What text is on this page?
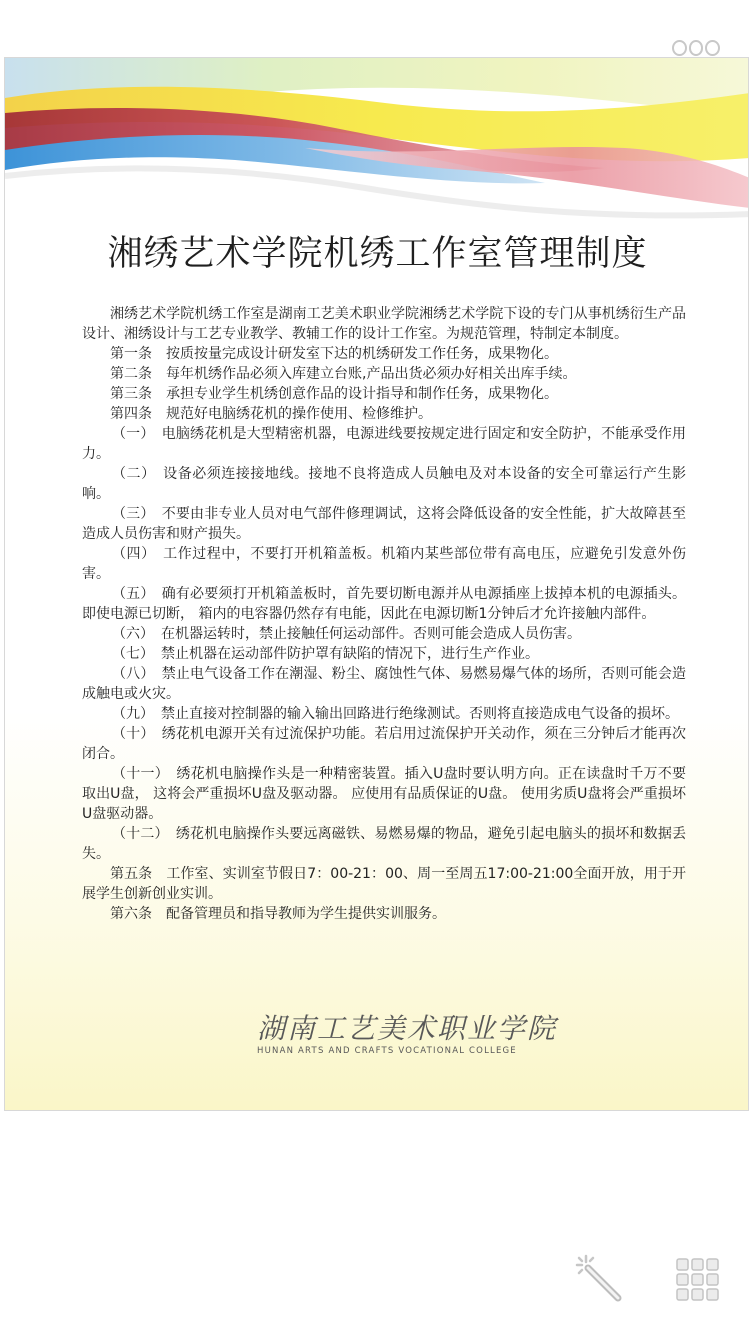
湘绣艺术学院机绣工作室管理制度

湘绣艺术学院机绣工作室是湖南工艺美术职业学院湘绣艺术学院下设的专门从事机绣衍生产品设计、湘绣设计与工艺专业教学、教辅工作的设计工作室。为规范管理，特制定本制度。

第一条　按质按量完成设计研发室下达的机绣研发工作任务，成果物化。

第二条　每年机绣作品必须入库建立台账,产品出货必须办好相关出库手续。

第三条　承担专业学生机绣创意作品的设计指导和制作任务，成果物化。

第四条　规范好电脑绣花机的操作使用、检修维护。

（一）　电脑绣花机是大型精密机器，电源进线要按规定进行固定和安全防护，不能承受作用力。

（二）　设备必须连接接地线。接地不良将造成人员触电及对本设备的安全可靠运行产生影响。

（三）　不要由非专业人员对电气部件修理调试，这将会降低设备的安全性能，扩大故障甚至造成人员伤害和财产损失。

（四）　工作过程中，不要打开机箱盖板。机箱内某些部位带有高电压，应避免引发意外伤害。

（五）　确有必要须打开机箱盖板时，首先要切断电源并从电源插座上拔掉本机的电源插头。即使电源已切断， 箱内的电容器仍然存有电能，因此在电源切断1分钟后才允许接触内部件。

（六）　在机器运转时，禁止接触任何运动部件。否则可能会造成人员伤害。

（七）　禁止机器在运动部件防护罩有缺陷的情况下，进行生产作业。

（八）　禁止电气设备工作在潮湿、粉尘、腐蚀性气体、易燃易爆气体的场所，否则可能会造成触电或火灾。

（九）　禁止直接对控制器的输入输出回路进行绝缘测试。否则将直接造成电气设备的损坏。

（十）　绣花机电源开关有过流保护功能。若启用过流保护开关动作，须在三分钟后才能再次闭合。

（十一）　绣花机电脑操作头是一种精密装置。插入U盘时要认明方向。正在读盘时千万不要取出U盘， 这将会严重损坏U盘及驱动器。 应使用有品质保证的U盘。 使用劣质U盘将会严重损坏U盘驱动器。

（十二）　绣花机电脑操作头要远离磁铁、易燃易爆的物品，避免引起电脑头的损坏和数据丢失。

第五条　工作室、实训室节假日7：00-21：00、周一至周五17:00-21:00全面开放，用于开展学生创新创业实训。

第六条　配备管理员和指导教师为学生提供实训服务。

湖南工艺美术职业学院
HUNAN ARTS AND CRAFTS VOCATIONAL COLLEGE
